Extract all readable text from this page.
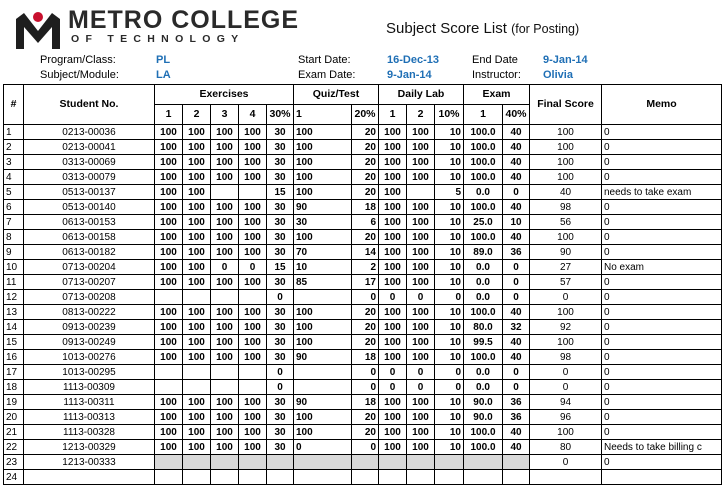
METRO COLLEGE
OF TECHNOLOGY
Subject Score List (for Posting)
Program/Class:	PL
Subject/Module:	LA
Start Date:	16-Dec-13
Exam Date:	9-Jan-14
End Date 9-Jan-14
Instructor: Olivia
#	Student No.	Exercises					Quiz/Test		Daily Lab			Exam		Final Score	Memo
		1	2	3	4	30%	1	20%	1	2	10%	1	40%		
1	0213-00036	100	100	100	100	30	100	20	100	100	10	100.0	40	100	0
2	0213-00041	100	100	100	100	30	100	20	100	100	10	100.0	40	100	0
3	0313-00069	100	100	100	100	30	100	20	100	100	10	100.0	40	100	0
4	0313-00079	100	100	100	100	30	100	20	100	100	10	100.0	40	100	0
5	0513-00137	100	100			15	100	20	100		5	0.0	0	40	needs to take exam
6	0513-00140	100	100	100	100	30	90	18	100	100	10	100.0	40	98	0
7	0613-00153	100	100	100	100	30	30	6	100	100	10	25.0	10	56	0
8	0613-00158	100	100	100	100	30	100	20	100	100	10	100.0	40	100	0
9	0613-00182	100	100	100	100	30	70	14	100	100	10	89.0	36	90	0
10	0713-00204	100	100	0	0	15	10	2	100	100	10	0.0	0	27	No exam
11	0713-00207	100	100	100	100	30	85	17	100	100	10	0.0	0	57	0
12	0713-00208					0		0	0	0	0	0.0	0	0	0
13	0813-00222	100	100	100	100	30	100	20	100	100	10	100.0	40	100	0
14	0913-00239	100	100	100	100	30	100	20	100	100	10	80.0	32	92	0
15	0913-00249	100	100	100	100	30	100	20	100	100	10	99.5	40	100	0
16	1013-00276	100	100	100	100	30	90	18	100	100	10	100.0	40	98	0
17	1013-00295					0		0	0	0	0	0.0	0	0	0
18	1113-00309					0		0	0	0	0	0.0	0	0	0
19	1113-00311	100	100	100	100	30	90	18	100	100	10	90.0	36	94	0
20	1113-00313	100	100	100	100	30	100	20	100	100	10	90.0	36	96	0
21	1113-00328	100	100	100	100	30	100	20	100	100	10	100.0	40	100	0
22	1213-00329	100	100	100	100	30	0	0	100	100	10	100.0	40	80	Needs to take billing c
23	1213-00333													0	0
24															
